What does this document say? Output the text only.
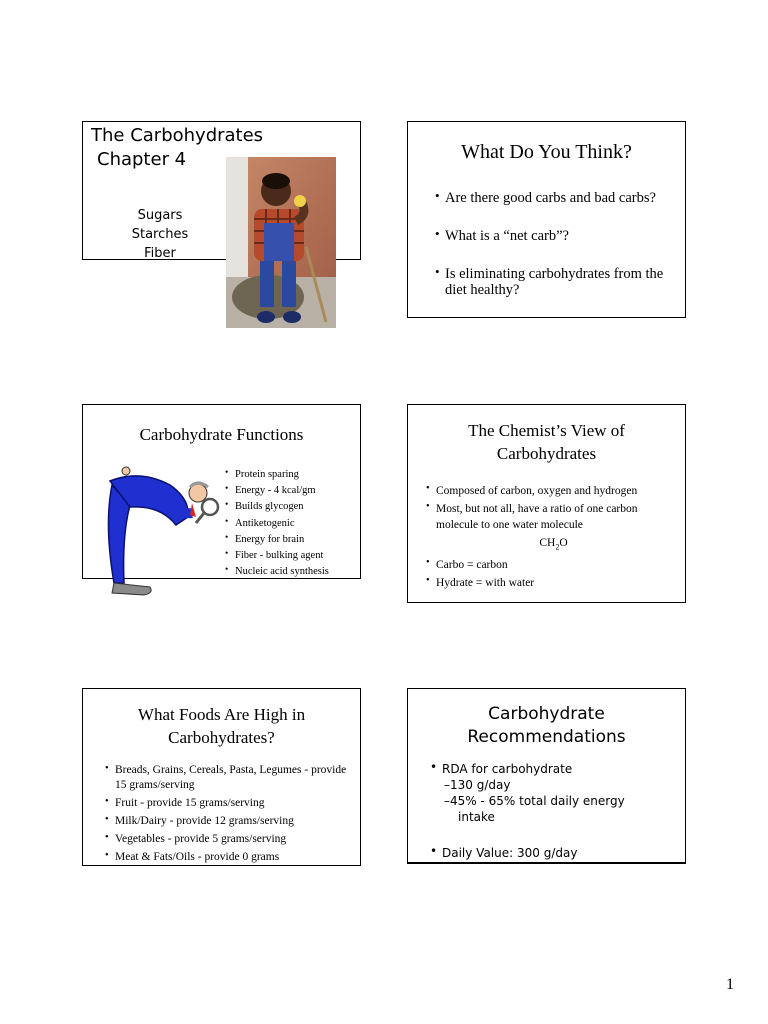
The Carbohydrates
Chapter 4
Sugars
Starches
Fiber
What Do You Think?
• Are there good carbs and bad carbs?
• What is a “net carb”?
• Is eliminating carbohydrates from the diet healthy?
Carbohydrate Functions
• Protein sparing
• Energy - 4 kcal/gm
• Builds glycogen
• Antiketogenic
• Energy for brain
• Fiber - bulking agent
• Nucleic acid synthesis
The Chemist’s View of
Carbohydrates
• Composed of carbon, oxygen and hydrogen
• Most, but not all, have a ratio of one carbon molecule to one water molecule
$CH_2O$
• Carbo = carbon
• Hydrate = with water
What Foods Are High in
Carbohydrates?
• Breads, Grains, Cereals, Pasta, Legumes - provide 15 grams/serving
• Fruit - provide 15 grams/serving
• Milk/Dairy - provide 12 grams/serving
• Vegetables - provide 5 grams/serving
• Meat & Fats/Oils - provide 0 grams
Carbohydrate
Recommendations
• RDA for carbohydrate
–130 g/day
–45% - 65% total daily energy
intake
• Daily Value: 300 g/day
1
